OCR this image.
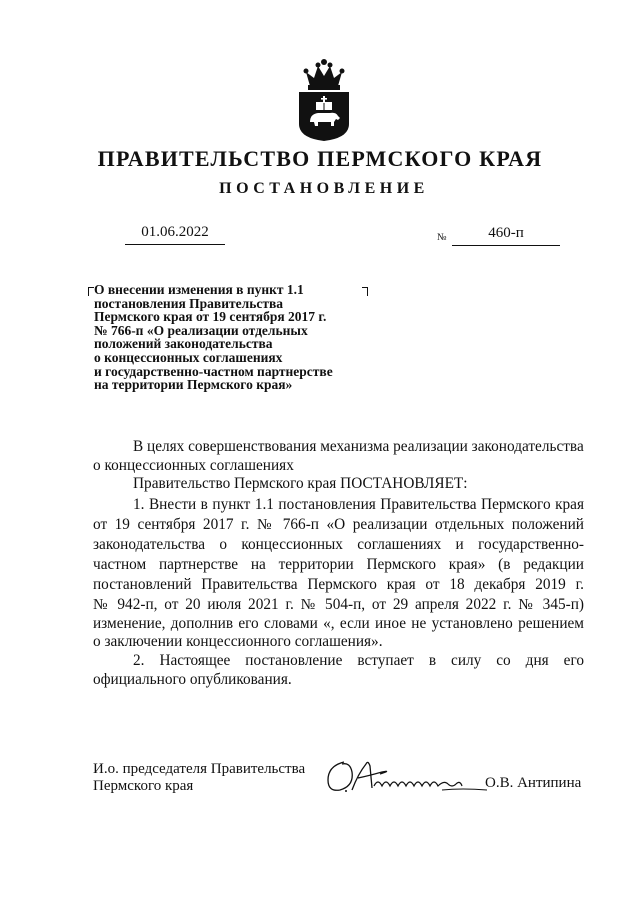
ПРАВИТЕЛЬСТВО ПЕРМСКОГО КРАЯ
ПОСТАНОВЛЕНИЕ
01.06.2022	№	460-п
О внесении изменения в пункт 1.1
постановления Правительства
Пермского края от 19 сентября 2017 г.
№ 766-п «О реализации отдельных
положений законодательства
о концессионных соглашениях
и государственно-частном партнерстве
на территории Пермского края»
В целях совершенствования механизма реализации законодательства
о концессионных соглашениях
Правительство Пермского края ПОСТАНОВЛЯЕТ:
1. Внести в пункт 1.1 постановления Правительства Пермского края
от 19 сентября 2017 г. № 766-п «О реализации отдельных положений
законодательства о концессионных соглашениях и государственно-
частном партнерстве на территории Пермского края» (в редакции
постановлений Правительства Пермского края от 18 декабря 2019 г.
№ 942-п, от 20 июля 2021 г. № 504-п, от 29 апреля 2022 г. № 345-п)
изменение, дополнив его словами «, если иное не установлено решением
о заключении концессионного соглашения».
2. Настоящее постановление вступает в силу со дня его
официального опубликования.
И.о. председателя Правительства
Пермского края	О.В. Антипина
